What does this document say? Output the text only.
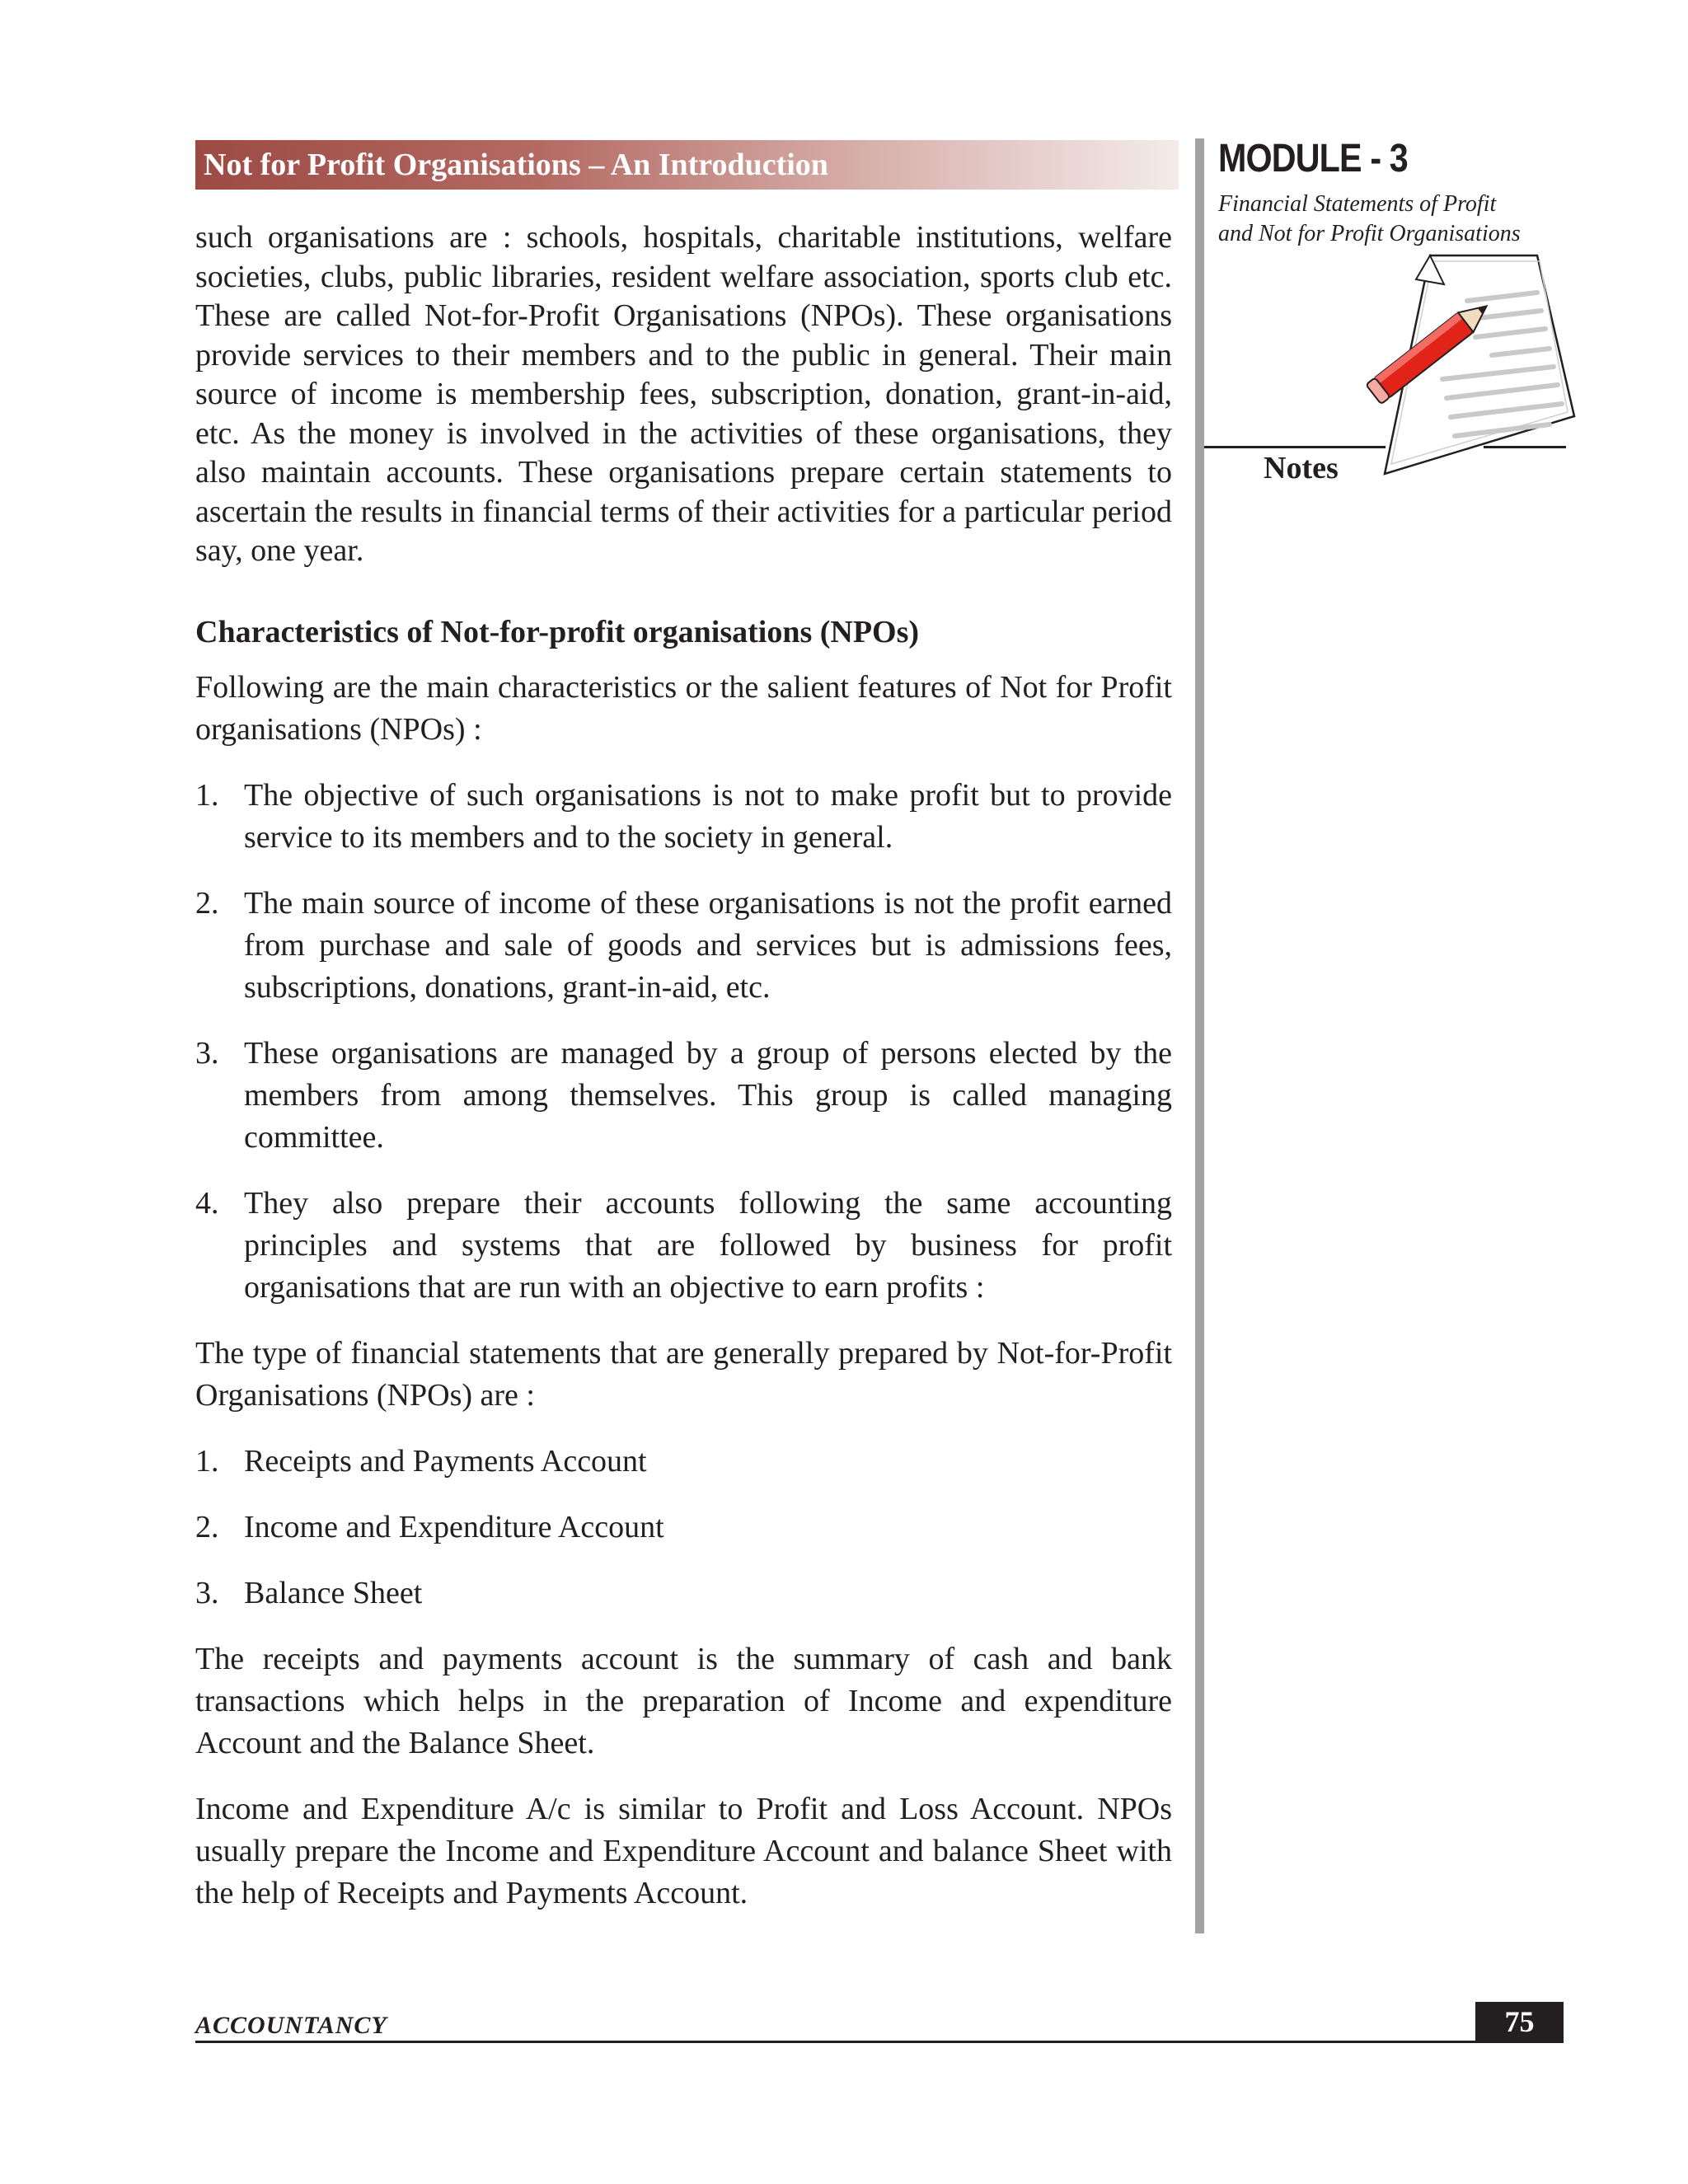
Not for Profit Organisations – An Introduction

such organisations are : schools, hospitals, charitable institutions, welfare societies, clubs, public libraries, resident welfare association, sports club etc. These are called Not-for-Profit Organisations (NPOs). These organisations provide services to their members and to the public in general. Their main source of income is membership fees, subscription, donation, grant-in-aid, etc. As the money is involved in the activities of these organisations, they also maintain accounts. These organisations prepare certain statements to ascertain the results in financial terms of their activities for a particular period say, one year.

Characteristics of Not-for-profit organisations (NPOs)

Following are the main characteristics or the salient features of Not for Profit organisations (NPOs) :

1. The objective of such organisations is not to make profit but to provide service to its members and to the society in general.
2. The main source of income of these organisations is not the profit earned from purchase and sale of goods and services but is admissions fees, subscriptions, donations, grant-in-aid, etc.
3. These organisations are managed by a group of persons elected by the members from among themselves. This group is called managing committee.
4. They also prepare their accounts following the same accounting principles and systems that are followed by business for profit organisations that are run with an objective to earn profits :

The type of financial statements that are generally prepared by Not-for-Profit Organisations (NPOs) are :

1. Receipts and Payments Account
2. Income and Expenditure Account
3. Balance Sheet

The receipts and payments account is the summary of cash and bank transactions which helps in the preparation of Income and expenditure Account and the Balance Sheet.

Income and Expenditure A/c is similar to Profit and Loss Account. NPOs usually prepare the Income and Expenditure Account and balance Sheet with the help of Receipts and Payments Account.

MODULE - 3
Financial Statements of Profit
and Not for Profit Organisations
Notes
ACCOUNTANCY	75
